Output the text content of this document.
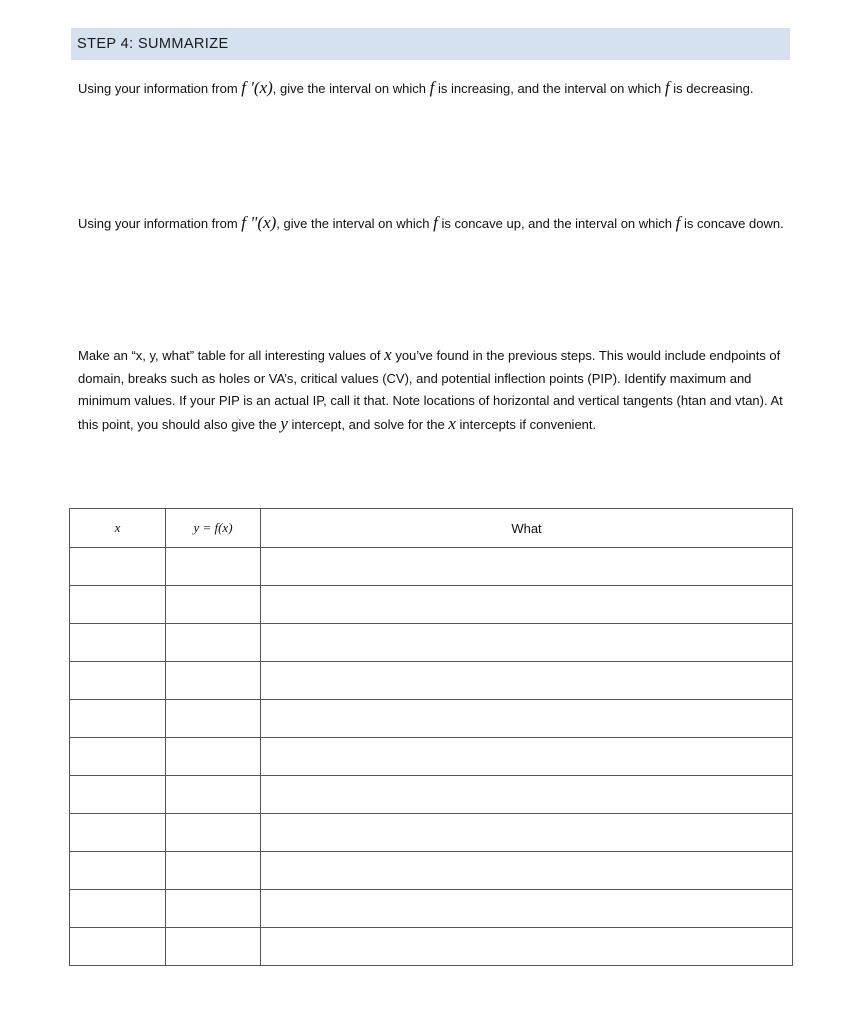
STEP 4: SUMMARIZE
Using your information from f '(x), give the interval on which f is increasing, and the interval on which f is decreasing.
Using your information from f "(x), give the interval on which f is concave up, and the interval on which f is concave down.
Make an “x, y, what” table for all interesting values of x you’ve found in the previous steps. This would include endpoints of domain, breaks such as holes or VA’s, critical values (CV), and potential inflection points (PIP). Identify maximum and minimum values. If your PIP is an actual IP, call it that. Note locations of horizontal and vertical tangents (htan and vtan). At this point, you should also give the y intercept, and solve for the x intercepts if convenient.
x	y = f(x)	What
